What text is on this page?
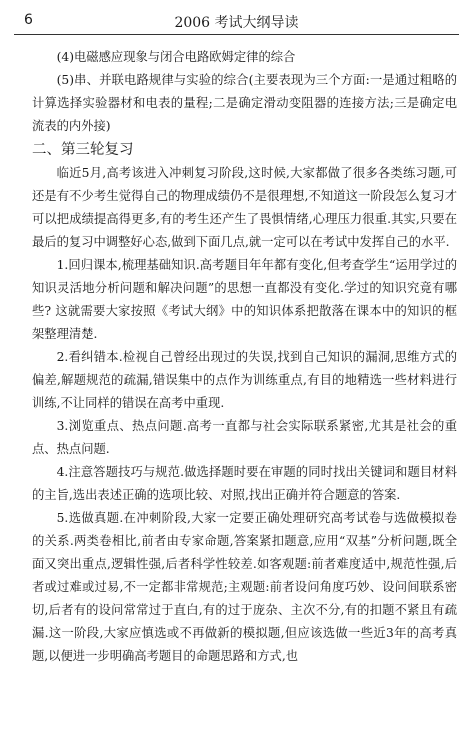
6	2006 考试大纲导读

(4)电磁感应现象与闭合电路欧姆定律的综合

(5)串、并联电路规律与实验的综合(主要表现为三个方面:一是通过粗略的计算选择实验器材和电表的量程;二是确定滑动变阻器的连接方法;三是确定电流表的内外接)

二、第三轮复习

临近5月,高考该进入冲刺复习阶段,这时候,大家都做了很多各类练习题,可还是有不少考生觉得自己的物理成绩仍不是很理想,不知道这一阶段怎么复习才可以把成绩提高得更多,有的考生还产生了畏惧情绪,心理压力很重.其实,只要在最后的复习中调整好心态,做到下面几点,就一定可以在考试中发挥自己的水平.

1.回归课本,梳理基础知识.高考题目年年都有变化,但考查学生“运用学过的知识灵活地分析问题和解决问题”的思想一直都没有变化.学过的知识究竟有哪些? 这就需要大家按照《考试大纲》中的知识体系把散落在课本中的知识的框架整理清楚.

2.看纠错本.检视自己曾经出现过的失误,找到自己知识的漏洞,思维方式的偏差,解题规范的疏漏,错误集中的点作为训练重点,有目的地精选一些材料进行训练,不让同样的错误在高考中重现.

3.浏览重点、热点问题.高考一直都与社会实际联系紧密,尤其是社会的重点、热点问题.

4.注意答题技巧与规范.做选择题时要在审题的同时找出关键词和题目材料的主旨,选出表述正确的选项比较、对照,找出正确并符合题意的答案.

5.选做真题.在冲刺阶段,大家一定要正确处理研究高考试卷与选做模拟卷的关系.两类卷相比,前者由专家命题,答案紧扣题意,应用“双基”分析问题,既全面又突出重点,逻辑性强,后者科学性较差.如客观题:前者难度适中,规范性强,后者或过难或过易,不一定都非常规范;主观题:前者设问角度巧妙、设问间联系密切,后者有的设问常常过于直白,有的过于庞杂、主次不分,有的扣题不紧且有疏漏.这一阶段,大家应慎选或不再做新的模拟题,但应该选做一些近3年的高考真题,以便进一步明确高考题目的命题思路和方式,也
